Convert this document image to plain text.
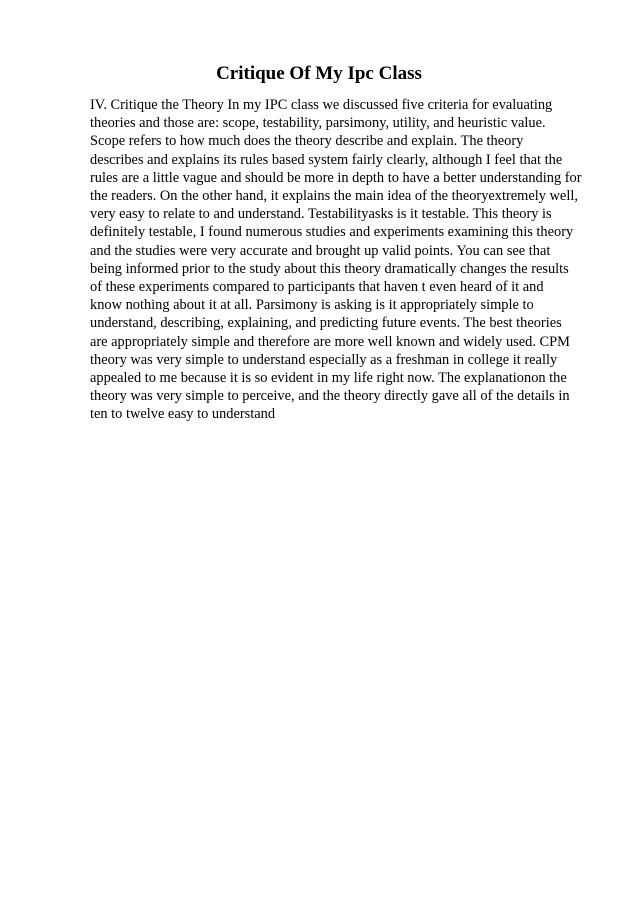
Critique Of My Ipc Class
IV. Critique the Theory In my IPC class we discussed five criteria for evaluating
theories and those are: scope, testability, parsimony, utility, and heuristic value.
Scope refers to how much does the theory describe and explain. The theory
describes and explains its rules based system fairly clearly, although I feel that the
rules are a little vague and should be more in depth to have a better understanding for
the readers. On the other hand, it explains the main idea of the theoryextremely well,
very easy to relate to and understand. Testabilityasks is it testable. This theory is
definitely testable, I found numerous studies and experiments examining this theory
and the studies were very accurate and brought up valid points. You can see that
being informed prior to the study about this theory dramatically changes the results
of these experiments compared to participants that haven t even heard of it and
know nothing about it at all. Parsimony is asking is it appropriately simple to
understand, describing, explaining, and predicting future events. The best theories
are appropriately simple and therefore are more well known and widely used. CPM
theory was very simple to understand especially as a freshman in college it really
appealed to me because it is so evident in my life right now. The explanationon the
theory was very simple to perceive, and the theory directly gave all of the details in
ten to twelve easy to understand
